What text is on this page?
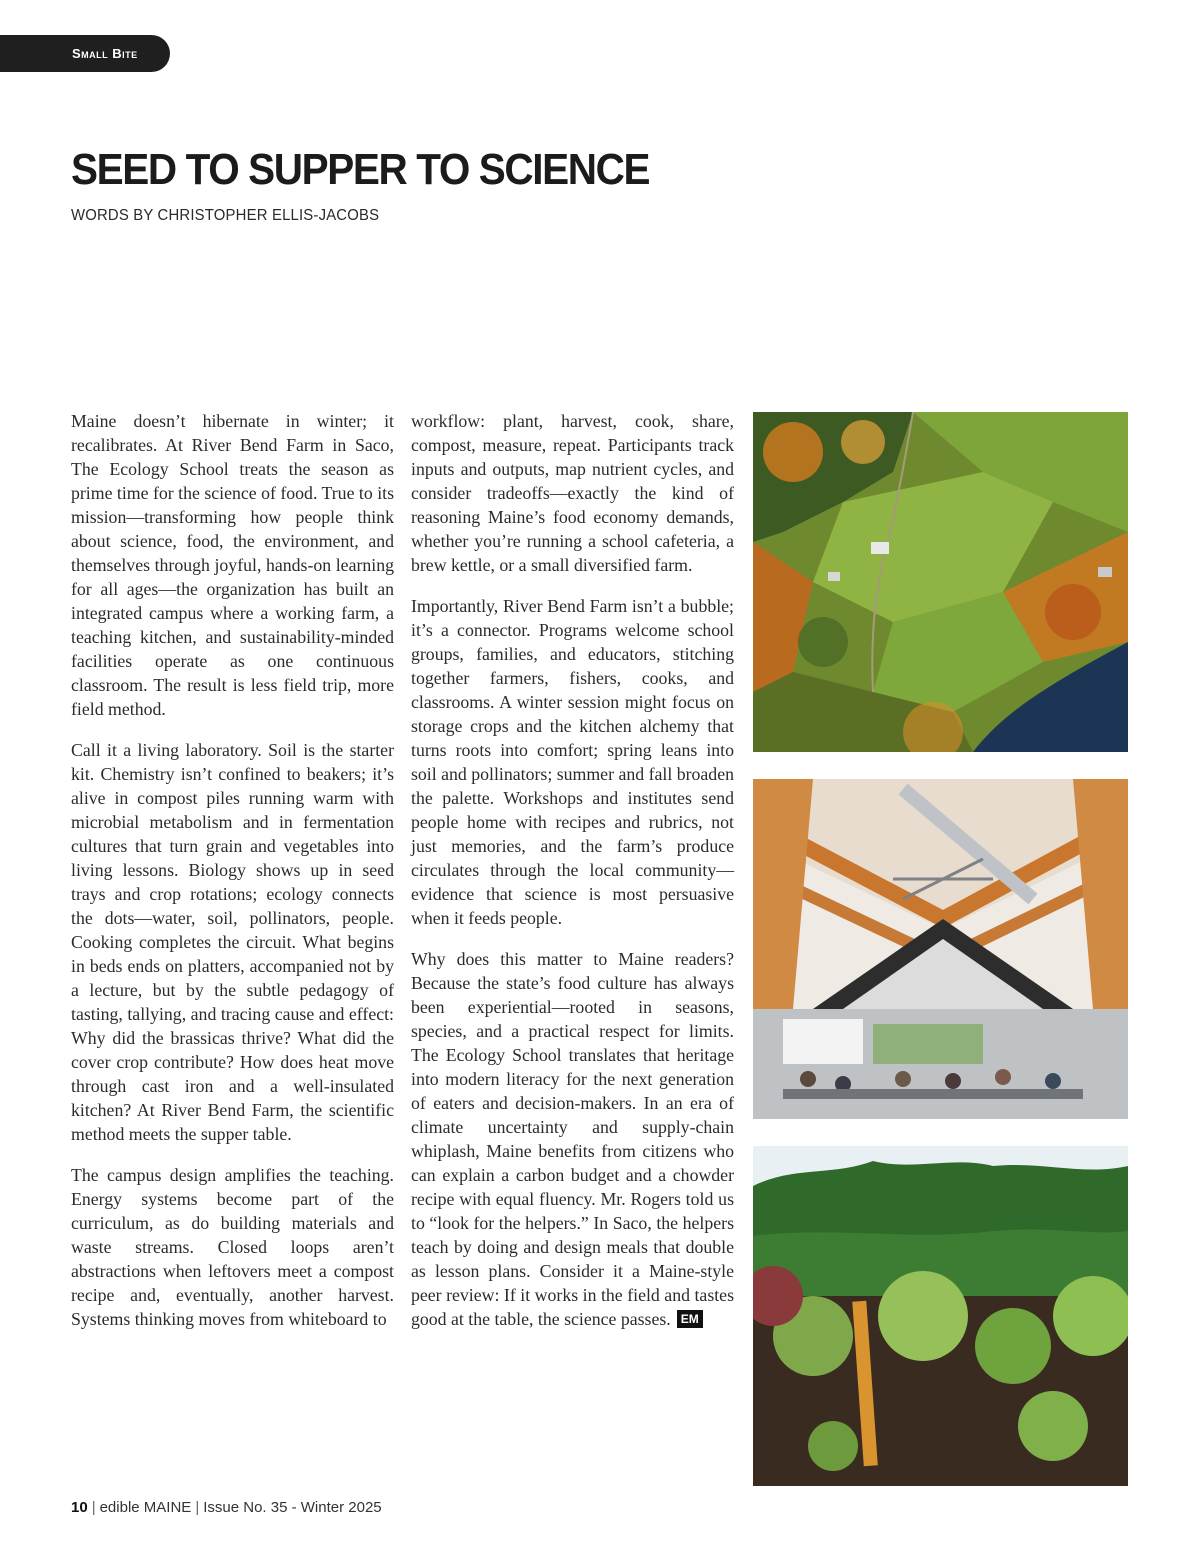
Small Bite
SEED TO SUPPER TO SCIENCE
WORDS BY CHRISTOPHER ELLIS-JACOBS

Maine doesn’t hibernate in winter; it recalibrates. At River Bend Farm in Saco, The Ecology School treats the season as prime time for the science of food. True to its mission—transforming how people think about science, food, the environment, and themselves through joyful, hands-on learning for all ages—the organization has built an integrated campus where a working farm, a teaching kitchen, and sustainability-minded facilities operate as one continuous classroom. The result is less field trip, more field method.

Call it a living laboratory. Soil is the starter kit. Chemistry isn’t confined to beakers; it’s alive in compost piles running warm with microbial metabolism and in fermentation cultures that turn grain and vegetables into living lessons. Biology shows up in seed trays and crop rotations; ecology connects the dots—water, soil, pollinators, people. Cooking completes the circuit. What begins in beds ends on platters, accompanied not by a lecture, but by the subtle pedagogy of tasting, tallying, and tracing cause and effect: Why did the brassicas thrive? What did the cover crop contribute? How does heat move through cast iron and a well-insulated kitchen? At River Bend Farm, the scientific method meets the supper table.

The campus design amplifies the teaching. Energy systems become part of the curriculum, as do building materials and waste streams. Closed loops aren’t abstractions when leftovers meet a compost recipe and, eventually, another harvest. Systems thinking moves from whiteboard to

workflow: plant, harvest, cook, share, compost, measure, repeat. Participants track inputs and outputs, map nutrient cycles, and consider tradeoffs—exactly the kind of reasoning Maine’s food economy demands, whether you’re running a school cafeteria, a brew kettle, or a small diversified farm.

Importantly, River Bend Farm isn’t a bubble; it’s a connector. Programs welcome school groups, families, and educators, stitching together farmers, fishers, cooks, and classrooms. A winter session might focus on storage crops and the kitchen alchemy that turns roots into comfort; spring leans into soil and pollinators; summer and fall broaden the palette. Workshops and institutes send people home with recipes and rubrics, not just memories, and the farm’s produce circulates through the local community—evidence that science is most persuasive when it feeds people.

Why does this matter to Maine readers? Because the state’s food culture has always been experiential—rooted in seasons, species, and a practical respect for limits. The Ecology School translates that heritage into modern literacy for the next generation of eaters and decision-makers. In an era of climate uncertainty and supply-chain whiplash, Maine benefits from citizens who can explain a carbon budget and a chowder recipe with equal fluency. Mr. Rogers told us to “look for the helpers.” In Saco, the helpers teach by doing and design meals that double as lesson plans. Consider it a Maine-style peer review: If it works in the field and tastes good at the table, the science passes. EM

10 | edible MAINE | Issue No. 35 - Winter 2025
